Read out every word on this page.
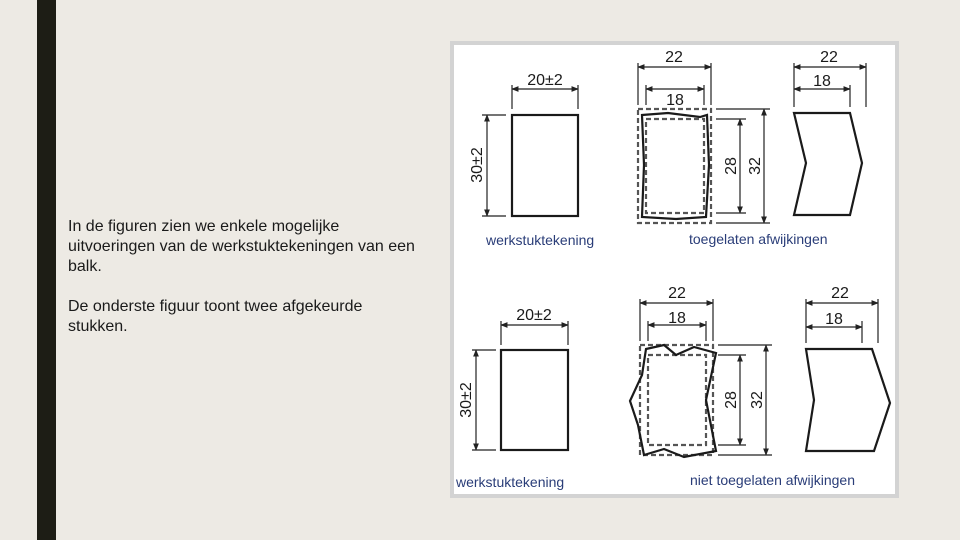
In de figuren zien we enkele mogelijke uitvoeringen van de werkstuktekeningen van een balk.

De onderste figuur toont twee afgekeurde stukken.

20±2
30±2
22
18
28 32
22
18
werkstuktekening	toegelaten afwijkingen
20±2
30±2
22
18
28 32
22
18
werkstuktekening	niet toegelaten afwijkingen
